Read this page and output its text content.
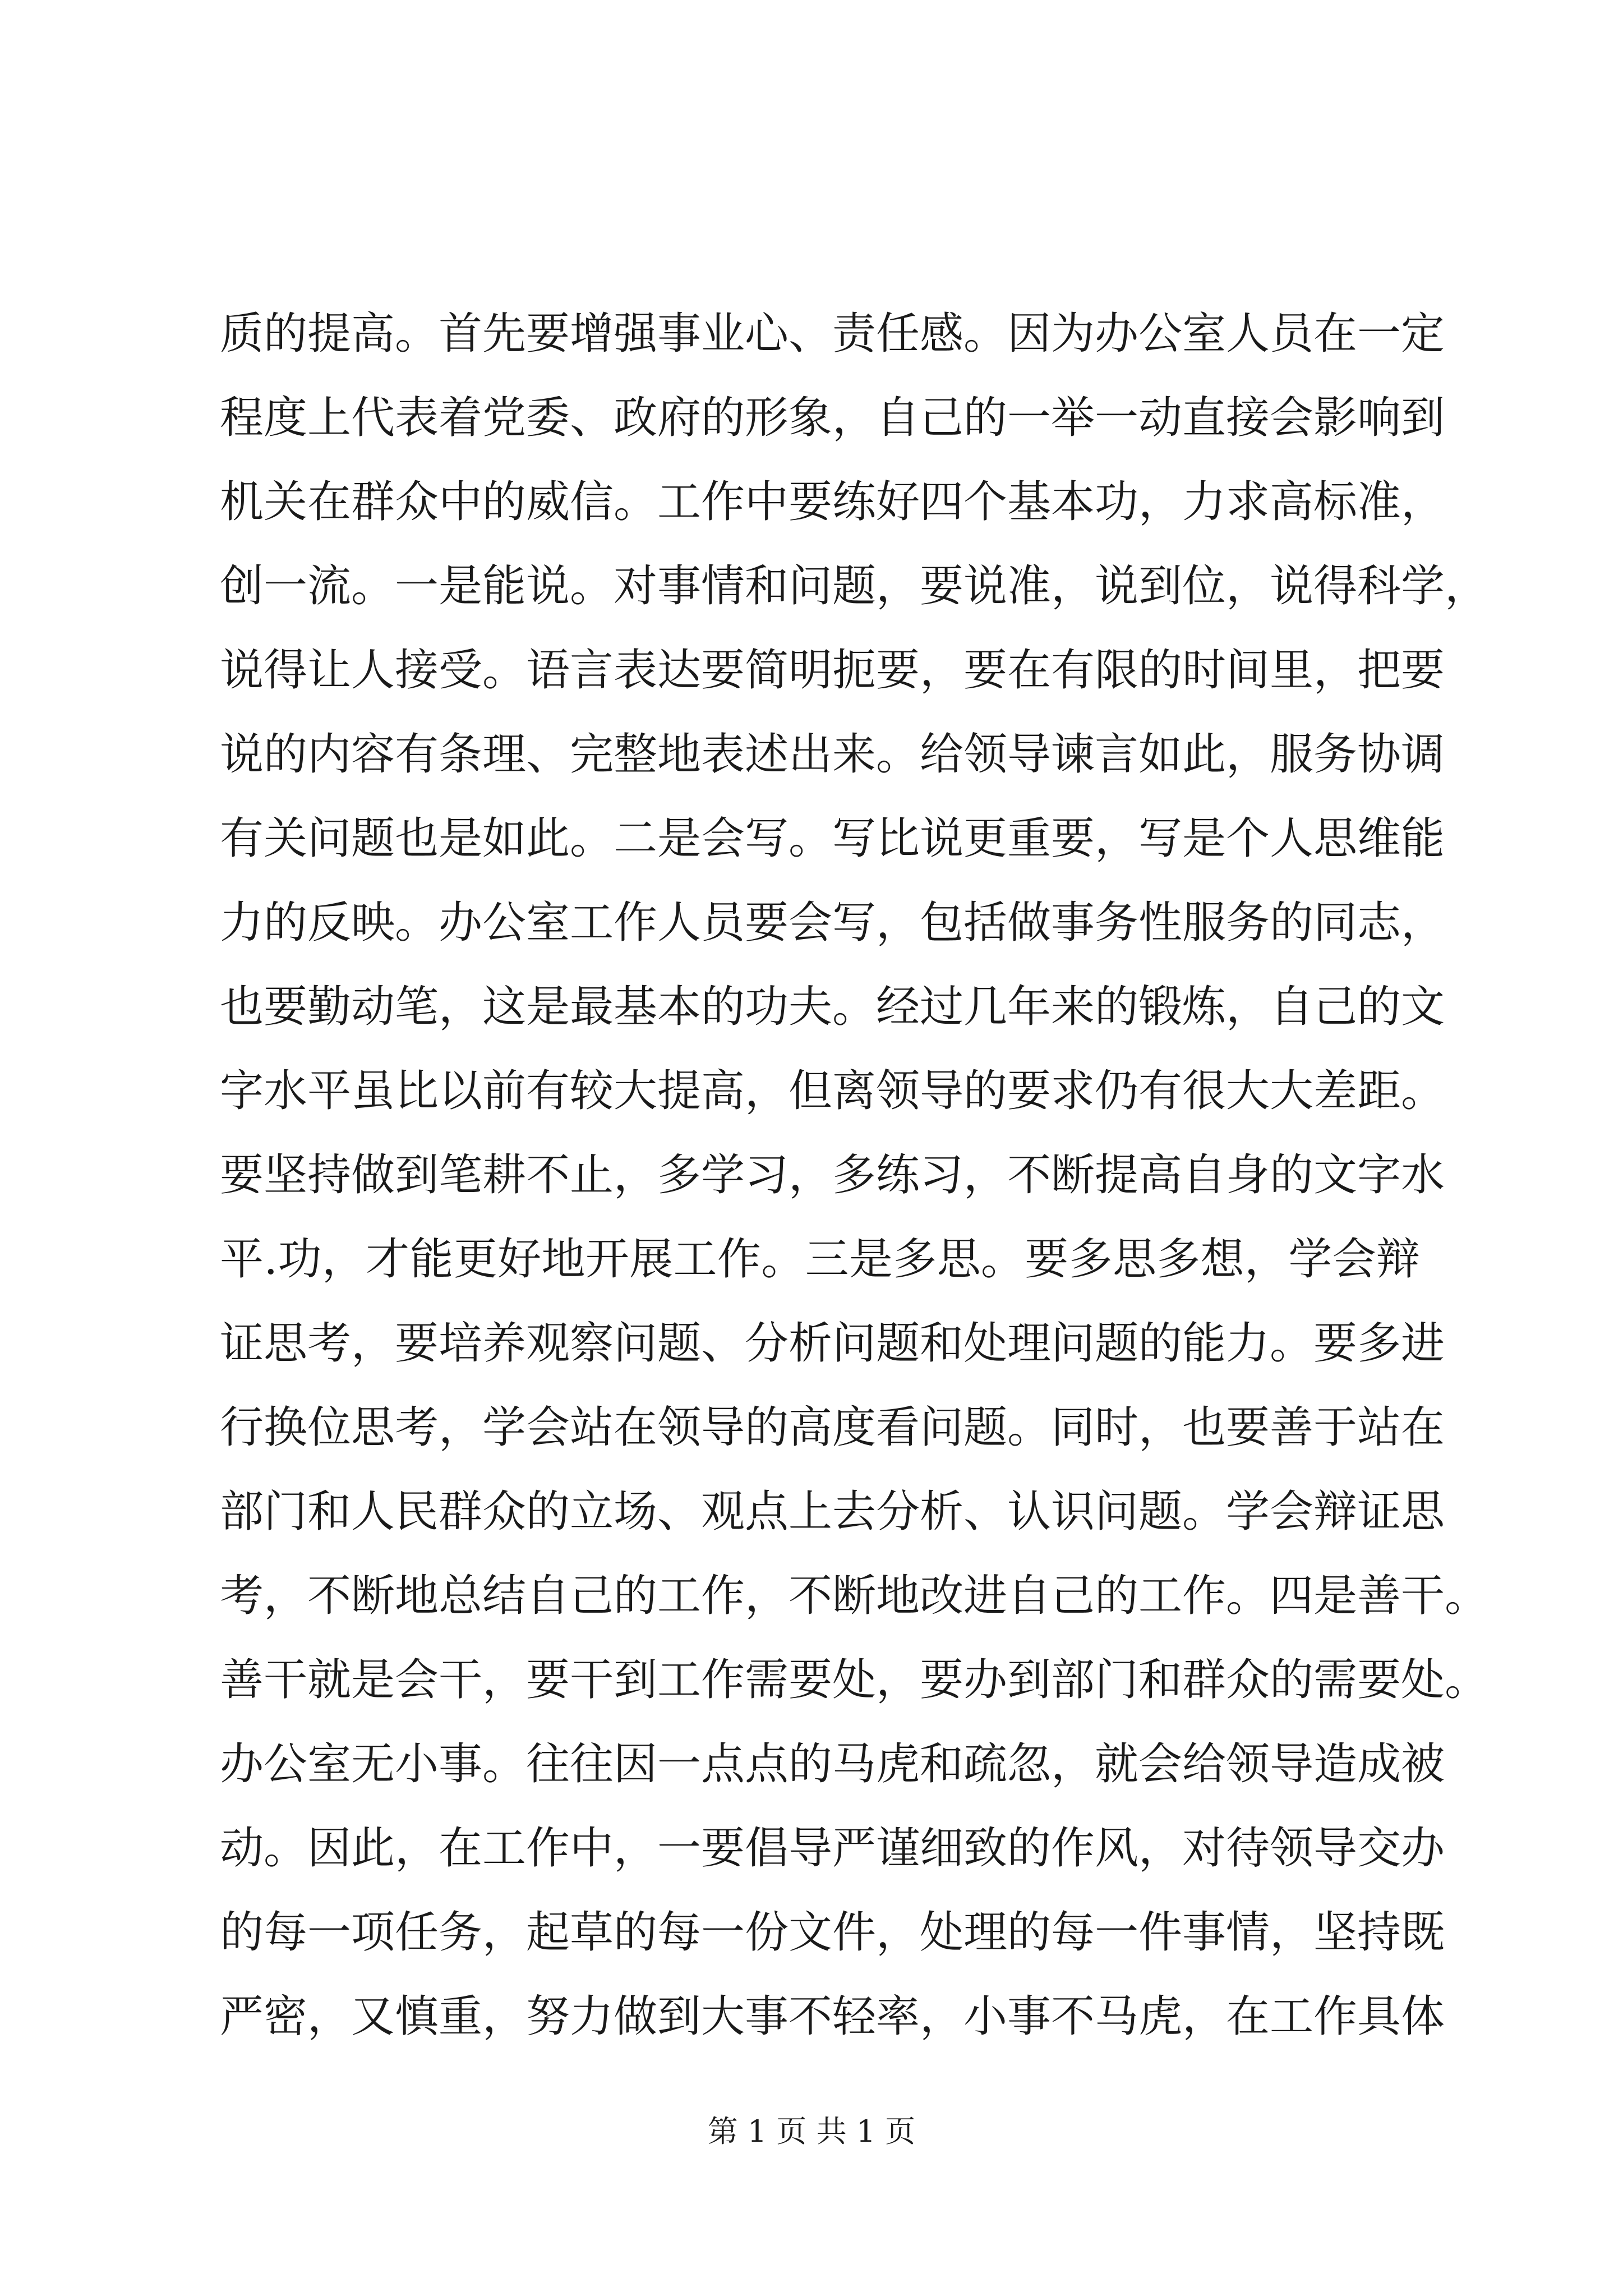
质的提高。首先要增强事业心、责任感。因为办公室人员在一定
程度上代表着党委、政府的形象，自己的一举一动直接会影响到
机关在群众中的威信。工作中要练好四个基本功，力求高标准，
创一流。一是能说。对事情和问题，要说准，说到位，说得科学，
说得让人接受。语言表达要简明扼要，要在有限的时间里，把要
说的内容有条理、完整地表述出来。给领导谏言如此，服务协调
有关问题也是如此。二是会写。写比说更重要，写是个人思维能
力的反映。办公室工作人员要会写，包括做事务性服务的同志，
也要勤动笔，这是最基本的功夫。经过几年来的锻炼，自己的文
字水平虽比以前有较大提高，但离领导的要求仍有很大大差距。
要坚持做到笔耕不止，多学习，多练习，不断提高自身的文字水
平.功，才能更好地开展工作。三是多思。要多思多想，学会辩
证思考，要培养观察问题、分析问题和处理问题的能力。要多进
行换位思考，学会站在领导的高度看问题。同时，也要善于站在
部门和人民群众的立场、观点上去分析、认识问题。学会辩证思
考，不断地总结自己的工作，不断地改进自己的工作。四是善干。
善干就是会干，要干到工作需要处，要办到部门和群众的需要处。
办公室无小事。往往因一点点的马虎和疏忽，就会给领导造成被
动。因此，在工作中，一要倡导严谨细致的作风，对待领导交办
的每一项任务，起草的每一份文件，处理的每一件事情，坚持既
严密，又慎重，努力做到大事不轻率，小事不马虎，在工作具体
第 1 页 共 1 页
